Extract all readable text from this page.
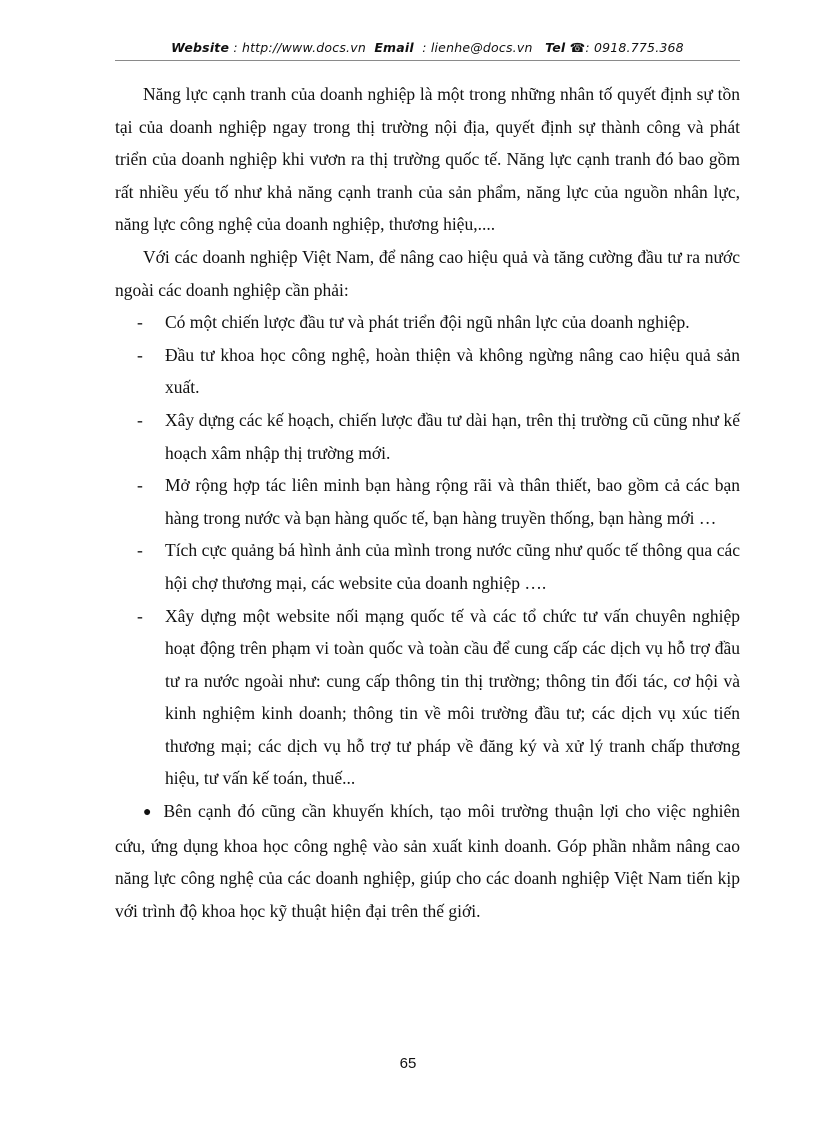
Website : http://www.docs.vn Email : lienhe@docs.vn Tel ☎: 0918.775.368

Năng lực cạnh tranh của doanh nghiệp là một trong những nhân tố quyết định sự tồn tại của doanh nghiệp ngay trong thị trường nội địa, quyết định sự thành công và phát triển của doanh nghiệp khi vươn ra thị trường quốc tế. Năng lực cạnh tranh đó bao gồm rất nhiều yếu tố như khả năng cạnh tranh của sản phẩm, năng lực của nguồn nhân lực, năng lực công nghệ của doanh nghiệp, thương hiệu,....

Với các doanh nghiệp Việt Nam, để nâng cao hiệu quả và tăng cường đầu tư ra nước ngoài các doanh nghiệp cần phải:

- Có một chiến lược đầu tư và phát triển đội ngũ nhân lực của doanh nghiệp.

- Đầu tư khoa học công nghệ, hoàn thiện và không ngừng nâng cao hiệu quả sản xuất.

- Xây dựng các kế hoạch, chiến lược đầu tư dài hạn, trên thị trường cũ cũng như kế hoạch xâm nhập thị trường mới.

- Mở rộng hợp tác liên minh bạn hàng rộng rãi và thân thiết, bao gồm cả các bạn hàng trong nước và bạn hàng quốc tế, bạn hàng truyền thống, bạn hàng mới …

- Tích cực quảng bá hình ảnh của mình trong nước cũng như quốc tế thông qua các hội chợ thương mại, các website của doanh nghiệp ….

- Xây dựng một website nối mạng quốc tế và các tổ chức tư vấn chuyên nghiệp hoạt động trên phạm vi toàn quốc và toàn cầu để cung cấp các dịch vụ hỗ trợ đầu tư ra nước ngoài như: cung cấp thông tin thị trường; thông tin đối tác, cơ hội và kinh nghiệm kinh doanh; thông tin về môi trường đầu tư; các dịch vụ xúc tiến thương mại; các dịch vụ hỗ trợ tư pháp về đăng ký và xử lý tranh chấp thương hiệu, tư vấn kế toán, thuế...

● Bên cạnh đó cũng cần khuyến khích, tạo môi trường thuận lợi cho việc nghiên cứu, ứng dụng khoa học công nghệ vào sản xuất kinh doanh. Góp phần nhằm nâng cao năng lực công nghệ của các doanh nghiệp, giúp cho các doanh nghiệp Việt Nam tiến kịp với trình độ khoa học kỹ thuật hiện đại trên thế giới.

65
